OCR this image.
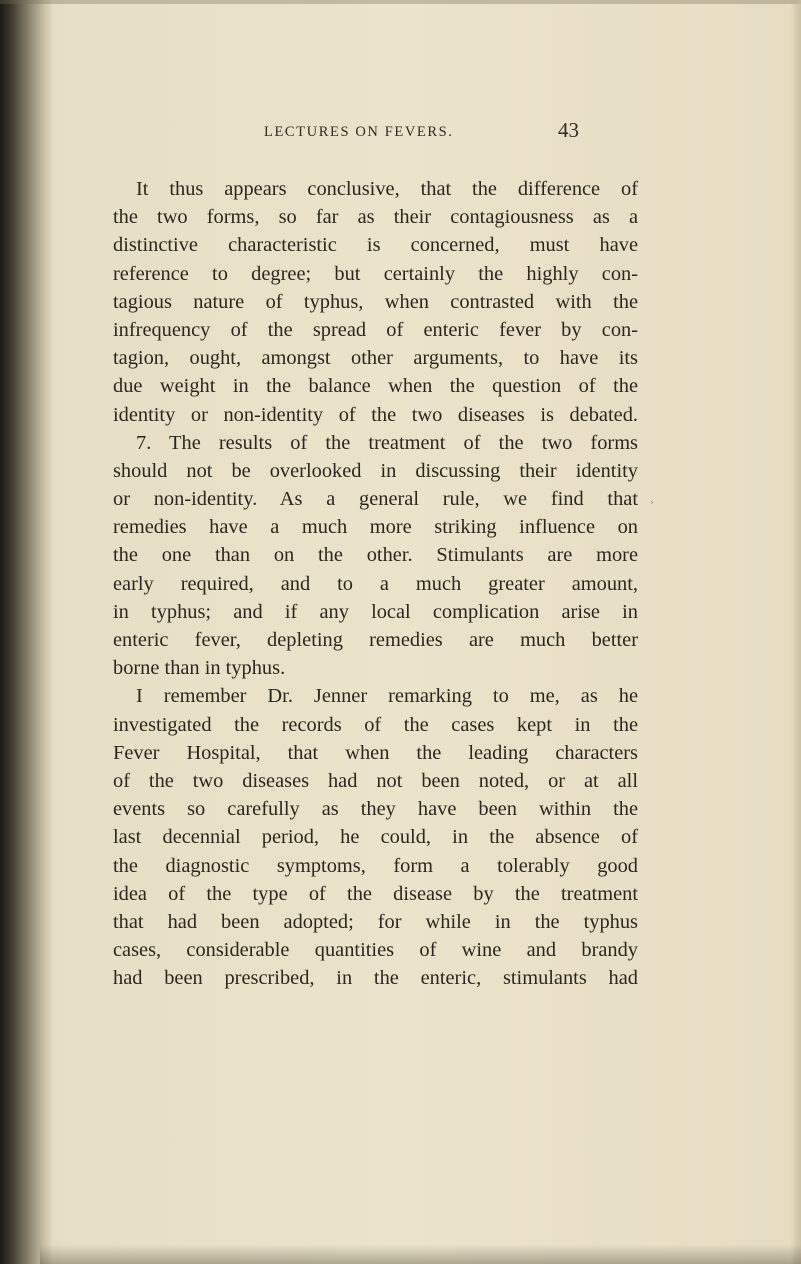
LECTURES ON FEVERS.	43
¸
It thus appears conclusive, that the difference of
the two forms, so far as their contagiousness as a
distinctive characteristic is concerned, must have
reference to degree; but certainly the highly con-
tagious nature of typhus, when contrasted with the
infrequency of the spread of enteric fever by con-
tagion, ought, amongst other arguments, to have its
due weight in the balance when the question of the
identity or non-identity of the two diseases is debated.
7. The results of the treatment of the two forms
should not be overlooked in discussing their identity
or non-identity. As a general rule, we find that
remedies have a much more striking influence on
the one than on the other. Stimulants are more
early required, and to a much greater amount,
in typhus; and if any local complication arise in
enteric fever, depleting remedies are much better
borne than in typhus.
I remember Dr. Jenner remarking to me, as he
investigated the records of the cases kept in the
Fever Hospital, that when the leading characters
of the two diseases had not been noted, or at all
events so carefully as they have been within the
last decennial period, he could, in the absence of
the diagnostic symptoms, form a tolerably good
idea of the type of the disease by the treatment
that had been adopted; for while in the typhus
cases, considerable quantities of wine and brandy
had been prescribed, in the enteric, stimulants had
